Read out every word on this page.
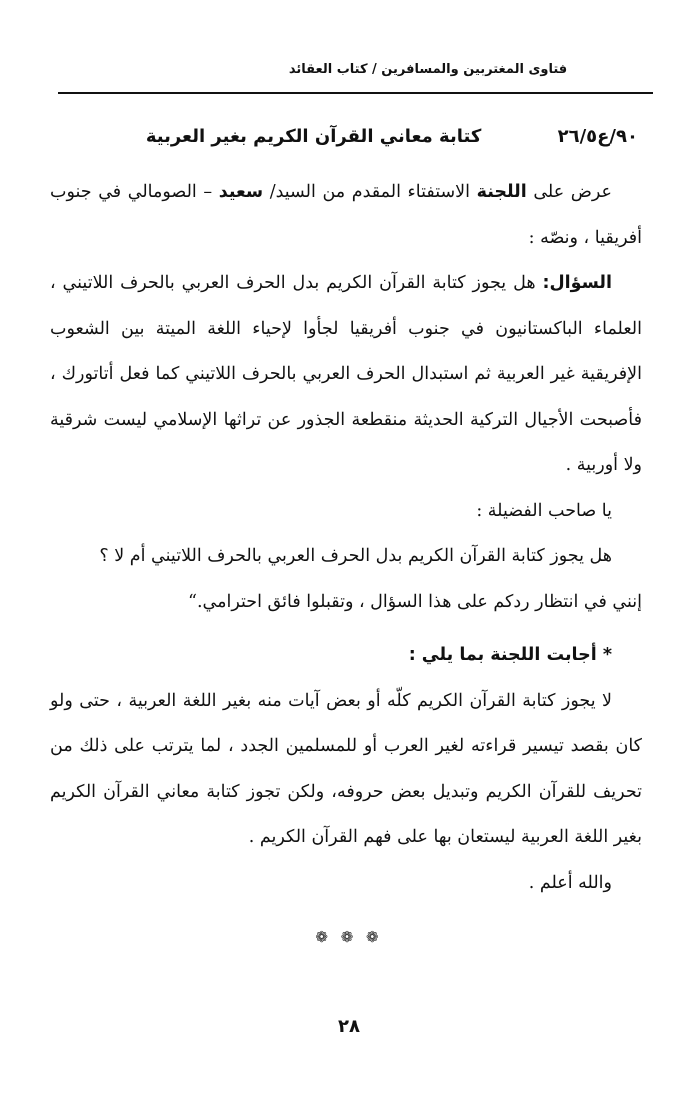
فتاوى المغتربين والمسافرين / كتاب العقائد
٩٠/ع٢٦/٥ كتابة معاني القرآن الكريم بغير العربية

عرض على اللجنة الاستفتاء المقدم من السيد/ سعيد – الصومالي في جنوب أفريقيا ، ونصّه :

السؤال: هل يجوز كتابة القرآن الكريم بدل الحرف العربي بالحرف اللاتيني ، العلماء الباكستانيون في جنوب أفريقيا لجأوا لإحياء اللغة الميتة بين الشعوب الإفريقية غير العربية ثم استبدال الحرف العربي بالحرف اللاتيني كما فعل أتاتورك ، فأصبحت الأجيال التركية الحديثة منقطعة الجذور عن تراثها الإسلامي ليست شرقية ولا أوربية .

يا صاحب الفضيلة :

هل يجوز كتابة القرآن الكريم بدل الحرف العربي بالحرف اللاتيني أم لا ؟

إنني في انتظار ردكم على هذا السؤال ، وتقبلوا فائق احترامي.“

* أجابت اللجنة بما يلي :

لا يجوز كتابة القرآن الكريم كلّه أو بعض آيات منه بغير اللغة العربية ، حتى ولو كان بقصد تيسير قراءته لغير العرب أو للمسلمين الجدد ، لما يترتب على ذلك من تحريف للقرآن الكريم وتبديل بعض حروفه، ولكن تجوز كتابة معاني القرآن الكريم بغير اللغة العربية ليستعان بها على فهم القرآن الكريم .

والله أعلم .

❁ ❁ ❁
٢٨
